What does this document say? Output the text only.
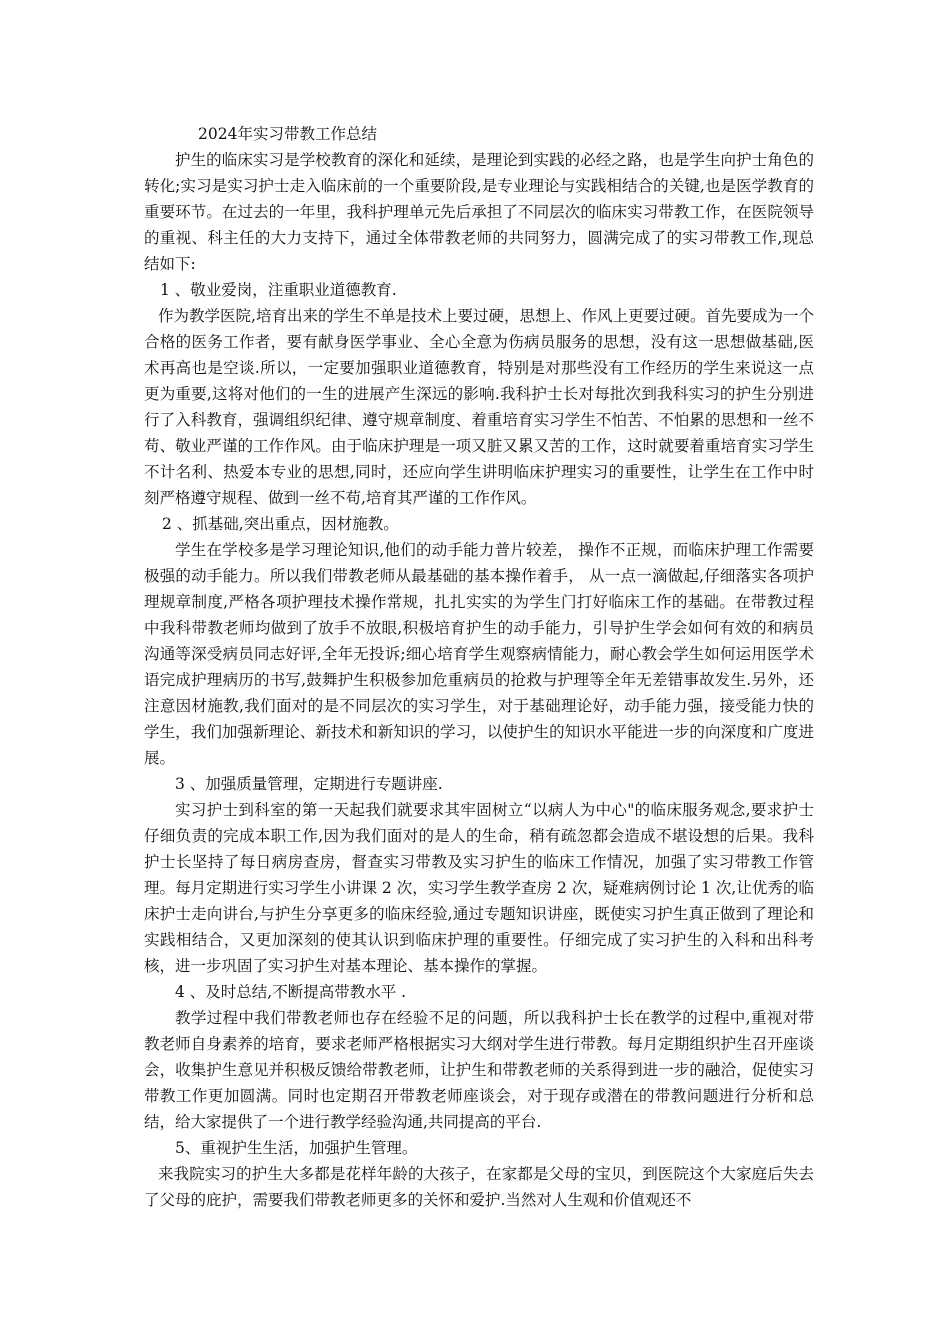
2024年实习带教工作总结

护生的临床实习是学校教育的深化和延续，是理论到实践的必经之路，也是学生向护士角色的转化;实习是实习护士走入临床前的一个重要阶段,是专业理论与实践相结合的关键,也是医学教育的重要环节。在过去的一年里，我科护理单元先后承担了不同层次的临床实习带教工作，在医院领导的重视、科主任的大力支持下，通过全体带教老师的共同努力，圆满完成了的实习带教工作,现总结如下:

1 、敬业爱岗，注重职业道德教育.

作为教学医院,培育出来的学生不单是技术上要过硬，思想上、作风上更要过硬。首先要成为一个合格的医务工作者，要有献身医学事业、全心全意为伤病员服务的思想，没有这一思想做基础,医术再高也是空谈.所以，一定要加强职业道德教育，特别是对那些没有工作经历的学生来说这一点更为重要,这将对他们的一生的进展产生深远的影响.我科护士长对每批次到我科实习的护生分别进行了入科教育，强调组织纪律、遵守规章制度、着重培育实习学生不怕苦、不怕累的思想和一丝不苟、敬业严谨的工作作风。由于临床护理是一项又脏又累又苦的工作，这时就要着重培育实习学生不计名利、热爱本专业的思想,同时，还应向学生讲明临床护理实习的重要性，让学生在工作中时刻严格遵守规程、做到一丝不苟,培育其严谨的工作作风。

2 、抓基础,突出重点，因材施教。

学生在学校多是学习理论知识,他们的动手能力普片较差， 操作不正规，而临床护理工作需要极强的动手能力。所以我们带教老师从最基础的基本操作着手， 从一点一滴做起,仔细落实各项护理规章制度,严格各项护理技术操作常规，扎扎实实的为学生门打好临床工作的基础。在带教过程中我科带教老师均做到了放手不放眼,积极培育护生的动手能力，引导护生学会如何有效的和病员沟通等深受病员同志好评,全年无投诉;细心培育学生观察病情能力，耐心教会学生如何运用医学术语完成护理病历的书写,鼓舞护生积极参加危重病员的抢救与护理等全年无差错事故发生.另外，还注意因材施教,我们面对的是不同层次的实习学生，对于基础理论好，动手能力强，接受能力快的学生，我们加强新理论、新技术和新知识的学习，以使护生的知识水平能进一步的向深度和广度进展。

3 、加强质量管理，定期进行专题讲座.

实习护士到科室的第一天起我们就要求其牢固树立“以病人为中心"的临床服务观念,要求护士仔细负责的完成本职工作,因为我们面对的是人的生命，稍有疏忽都会造成不堪设想的后果。我科护士长坚持了每日病房查房，督查实习带教及实习护生的临床工作情况，加强了实习带教工作管理。每月定期进行实习学生小讲课 2 次，实习学生教学查房 2 次，疑难病例讨论 1 次,让优秀的临床护士走向讲台,与护生分享更多的临床经验,通过专题知识讲座，既使实习护生真正做到了理论和实践相结合，又更加深刻的使其认识到临床护理的重要性。仔细完成了实习护生的入科和出科考核，进一步巩固了实习护生对基本理论、基本操作的掌握。

4 、及时总结,不断提高带教水平 .

教学过程中我们带教老师也存在经验不足的问题，所以我科护士长在教学的过程中,重视对带教老师自身素养的培育，要求老师严格根据实习大纲对学生进行带教。每月定期组织护生召开座谈会，收集护生意见并积极反馈给带教老师，让护生和带教老师的关系得到进一步的融洽，促使实习带教工作更加圆满。同时也定期召开带教老师座谈会，对于现存或潜在的带教问题进行分析和总结，给大家提供了一个进行教学经验沟通,共同提高的平台.

5、重视护生生活，加强护生管理。

来我院实习的护生大多都是花样年龄的大孩子，在家都是父母的宝贝，到医院这个大家庭后失去了父母的庇护，需要我们带教老师更多的关怀和爱护.当然对人生观和价值观还不
